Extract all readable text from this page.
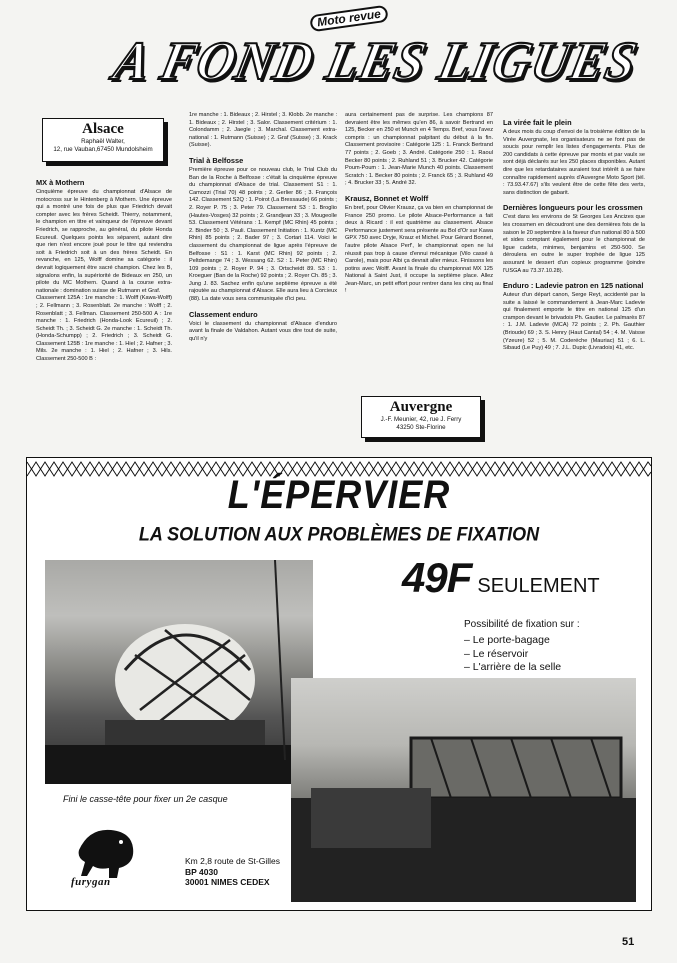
Moto revue
A FOND LES LIGUES
Alsace
Raphaël Walter,
12, rue Vauban,67450 Mundolsheim
MX à Mothern

Cinquième épreuve du championnat d'Alsace de motocross sur le Hintenberg à Mothern. Une épreuve qui a montré une fois de plus que Friedrich devait compter avec les frères Scheidt. Thierry, notamment, le champion en titre et vainqueur de l'épreuve devant Friedrich, se rapproche, au général, du pilote Honda Ecureuil. Quelques points les séparent, autant dire que rien n'est encore joué pour le titre qui reviendra soit à Friedrich soit à un des frères Scheidt. En revanche, en 125, Wolff domine sa catégorie : il devrait logiquement être sacré champion. Chez les B, signalons enfin, la supériorité de Bideaux en 250, un pilote du MC Mothern. Quand à la course extra-nationale : domination suisse de Rutmann et Graf.

Classement 125A : 1re manche : 1. Wolff (Kawa-Wolff) ; 2. Fellmann ; 3. Rosenblatt. 2e manche : Wolff ; 2. Rosenblatt ; 3. Fellman. Classement 250-500 A : 1re manche : 1. Friedrich (Honda-Look Ecureuil) ; 2. Scheidt Th. ; 3. Scheidt G. 2e manche : 1. Scheidt Th. (Honda-Schumpp) ; 2. Friedrich ; 3. Scheidt G. Classement 125B : 1re manche : 1. Hiel ; 2. Hafner ; 3. Mils. 2e manche : 1. Hiel ; 2. Hafner ; 3. Hils. Classement 250-500 B :

1re manche : 1. Bideaux ; 2. Hirstel ; 3. Klobb. 2e manche : 1. Bideaux ; 2. Hirstel ; 3. Salor. Classement critérium : 1. Colondamm ; 2. Jaegle ; 3. Marchal. Classement extra-national : 1. Rutmann (Suisse) ; 2. Graf (Suisse) ; 3. Krack (Suisse).

Trial à Belfosse

Première épreuve pour ce nouveau club, le Trial Club du Ban de la Roche à Belfosse : c'était la cinquième épreuve du championnat d'Alsace de trial. Classement S1 : 1. Camozzi (Trial 70) 48 points ; 2. Gerlier 86 ; 3. François 142. Classement S2Q : 1. Poirot (La Bressaude) 66 points ; 2. Royer P. 75 ; 3. Peter 79. Classement S3 : 1. Broglio (Hautes-Vosges) 32 points ; 2. Grandjean 33 ; 3. Mougeolle 53. Classement Vétérans : 1. Kempf (MC Rhin) 45 points ; 2. Binder 50 ; 3. Pauli. Classement Initiation : 1. Kuntz (MC Rhin) 85 points ; 2. Bader 97 ; 3. Cortari 114. Voici le classement du championnat de ligue après l'épreuve de Belfosse : S1 : 1. Karst (MC Rhin) 92 points ; 2. Peltdemange 74 ; 3. Wessang 62. S2 : 1. Peter (MC Rhin) 109 points ; 2. Royer P. 94 ; 3. Ortscheidt 89. S3 : 1. Kroeguer (Ban de la Roche) 92 points ; 2. Royer Ch. 85 ; 3. Jung J. 83. Sachez enfin qu'une septième épreuve a été rajoutée au championnat d'Alsace. Elle aura lieu à Corcieux (88). La date vous sera communiquée d'ici peu.

Classement enduro

Voici le classement du championnat d'Alsace d'enduro avant la finale de Valdahon. Autant vous dire tout de suite, qu'il n'y

aura certainement pas de surprise. Les champions 87 devraient être les mêmes qu'en 86, à savoir Bertrand en 125, Becker en 250 et Munch en 4 Temps. Bref, vous l'avez compris : un championnat palpitant du début à la fin. Classement provisoire : Catégorie 125 : 1. Franck Bertrand 77 points ; 2. Goeb ; 3. André. Catégorie 250 : 1. Raoul Becker 80 points ; 2. Ruhland 51 ; 3. Brucker 42. Catégorie Poum-Poum : 1. Jean-Marie Munch 40 points. Classement Scratch : 1. Becker 80 points ; 2. Franck 65 ; 3. Ruhland 49 ; 4. Brucker 33 ; 5. André 32.

Krausz, Bonnet et Wolff

En bref, pour Olivier Krausz, ça va bien en championnat de France 250 promo. Le pilote Alsace-Performance a fait deux à Ricard : il est quatrième au classement. Alsace Performance justement sera présente au Bol d'Or sur Kawa GPX 750 avec Dryje, Krauz et Michel. Pour Gérard Bonnet, l'autre pilote Alsace Perf', le championnat open ne lui réussit pas trop à cause d'ennui mécanique (Vilo cassé à Carole), mais pour Albi ça devrait aller mieux. Finissons les potins avec Wolff. Avant la finale du championnat MX 125 National à Saint Just, il occupe la septième place. Allez Jean-Marc, un petit effort pour rentrer dans les cinq au final !

Auvergne
J.-F. Meunier, 42, rue J. Ferry
43250 Ste-Florine
La virée fait le plein

A deux mois du coup d'envoi de la troisième édition de la Virée Auvergnate, les organisateurs ne se font pas de soucis pour remplir les listes d'engagements. Plus de 200 candidats à cette épreuve par monts et par vaulx se sont déjà déclarés sur les 250 places disponibles. Autant dire que les retardataires auraient tout intérêt à se faire connaître rapidement auprès d'Auvergne Moto Sport (tél. : 73.93.47.67) s'ils veulent être de cette fête des verts, sans distinction de gabarit.

Dernières longueurs pour les crossmen

C'est dans les environs de St Georges Les Ancizes que les crossmen en découdront une des dernières fois de la saison le 20 septembre à la faveur d'un national 80 à 500 et sides comptant également pour le championnat de ligue cadets, minimes, benjamins et 250-500. Se déroulera en outre le super trophée de ligue 125 assurant le dessert d'un copieux programme (joindre l'USGA au 73.37.10.28).

Enduro : Ladevie patron en 125 national

Auteur d'un départ canon, Serge Reyt, accidenté par la suite a laissé le commandement à Jean-Marc Ladevie qui finalement emporte le titre en national 125 d'un crampon devant le brivadois Ph. Gautier. Le palmarès 87 : 1. J.M. Ladevie (MCA) 72 points ; 2. Ph. Gauthier (Brioude) 69 ; 3. S. Henry (Haut Cantal) 54 ; 4. M. Vaisse (Yzeure) 52 ; 5. M. Coderéche (Mauriac) 51 ; 6. L. Sibaud (Le Puy) 49 ; 7. J.L. Dupic (Livradois) 41, etc.

L'ÉPERVIER
LA SOLUTION AUX PROBLÈMES DE FIXATION
49F SEULEMENT
Possibilité de fixation sur :
– Le porte-bagage
– Le réservoir
– L'arrière de la selle
Fini le casse-tête pour fixer un 2e casque
furygan
Km 2,8 route de St-Gilles
BP 4030
30001 NIMES CEDEX
51
